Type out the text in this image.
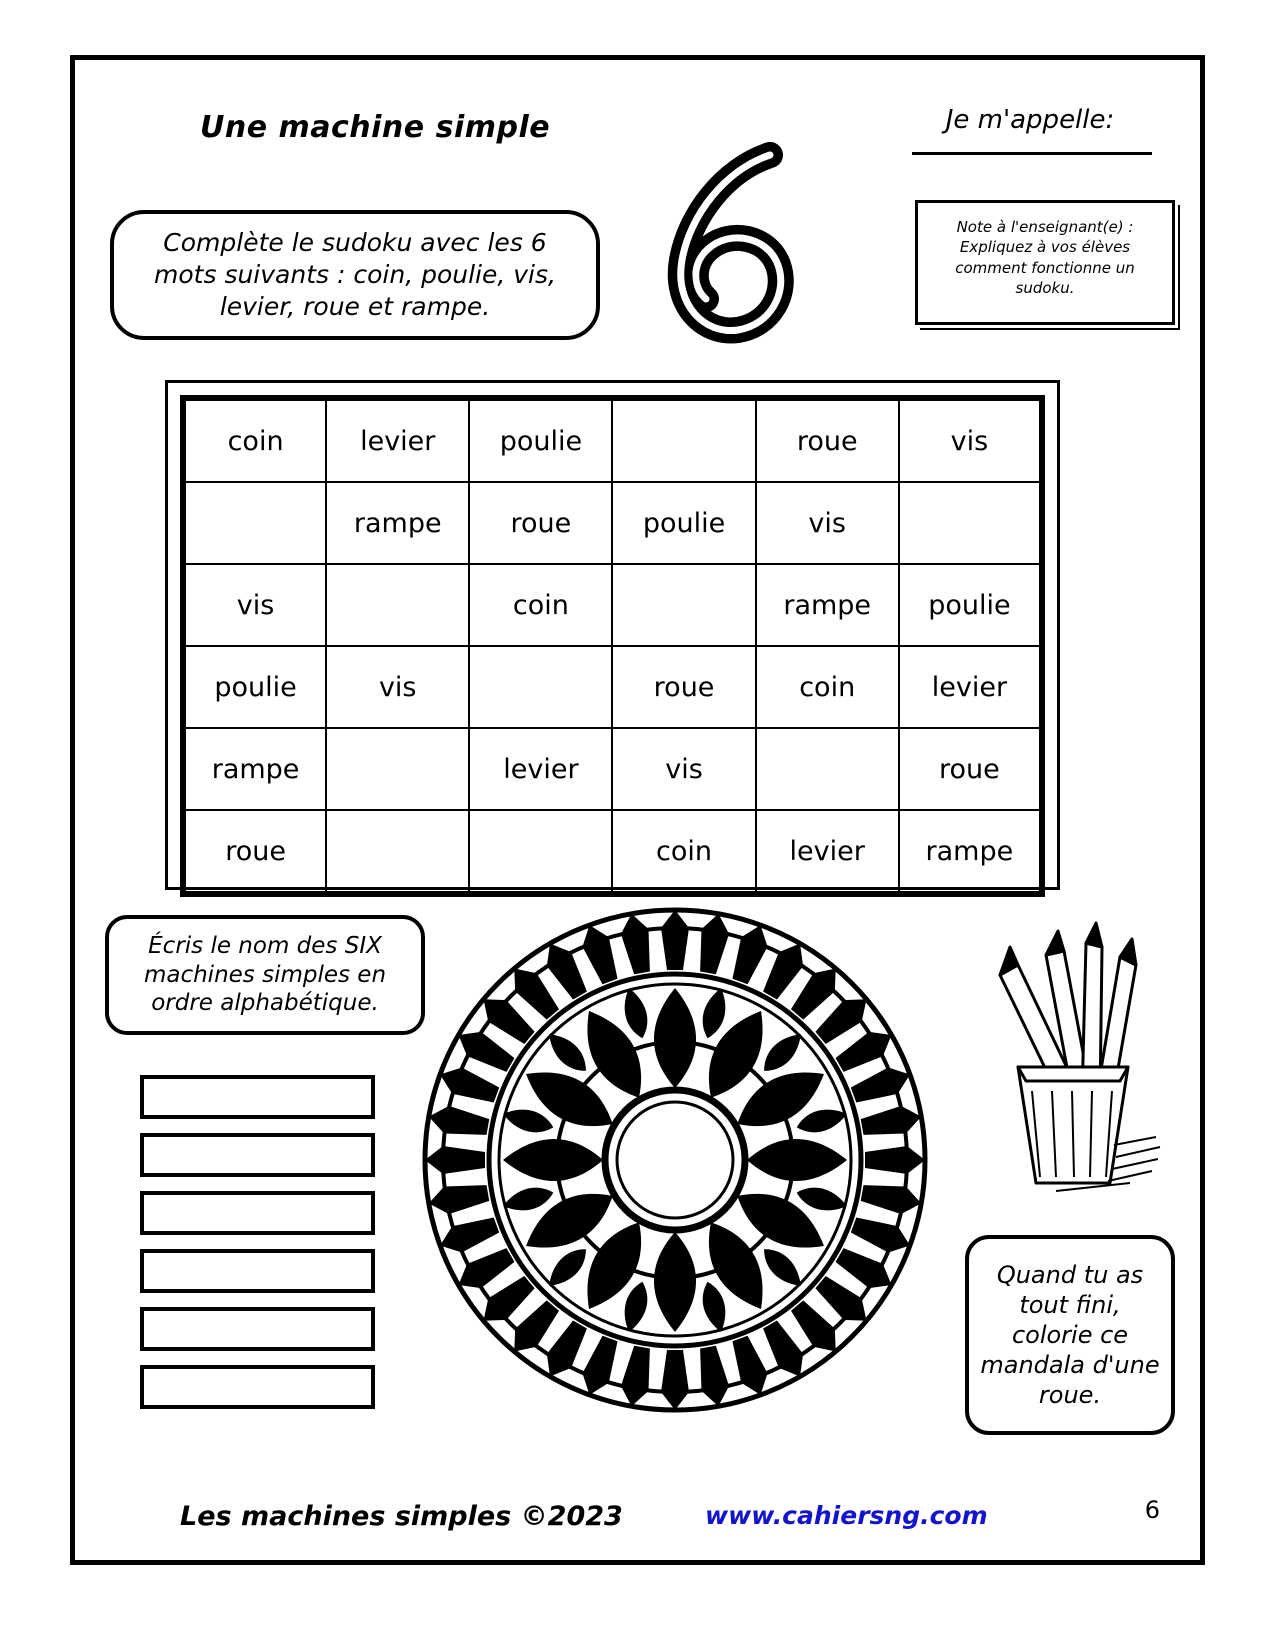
Une machine simple	Je m'appelle:
Complète le sudoku avec les 6 mots suivants : coin, poulie, vis, levier, roue et rampe.
Note à l'enseignant(e) : Expliquez à vos élèves comment fonctionne un sudoku.
coin	levier	poulie		roue	vis
	rampe	roue	poulie	vis	
vis		coin		rampe	poulie
poulie	vis		roue	coin	levier
rampe		levier	vis		roue
roue			coin	levier	rampe
Écris le nom des SIX machines simples en ordre alphabétique.
Quand tu as tout fini, colorie ce mandala d'une roue.
Les machines simples ©2023	www.cahiersng.com	6
